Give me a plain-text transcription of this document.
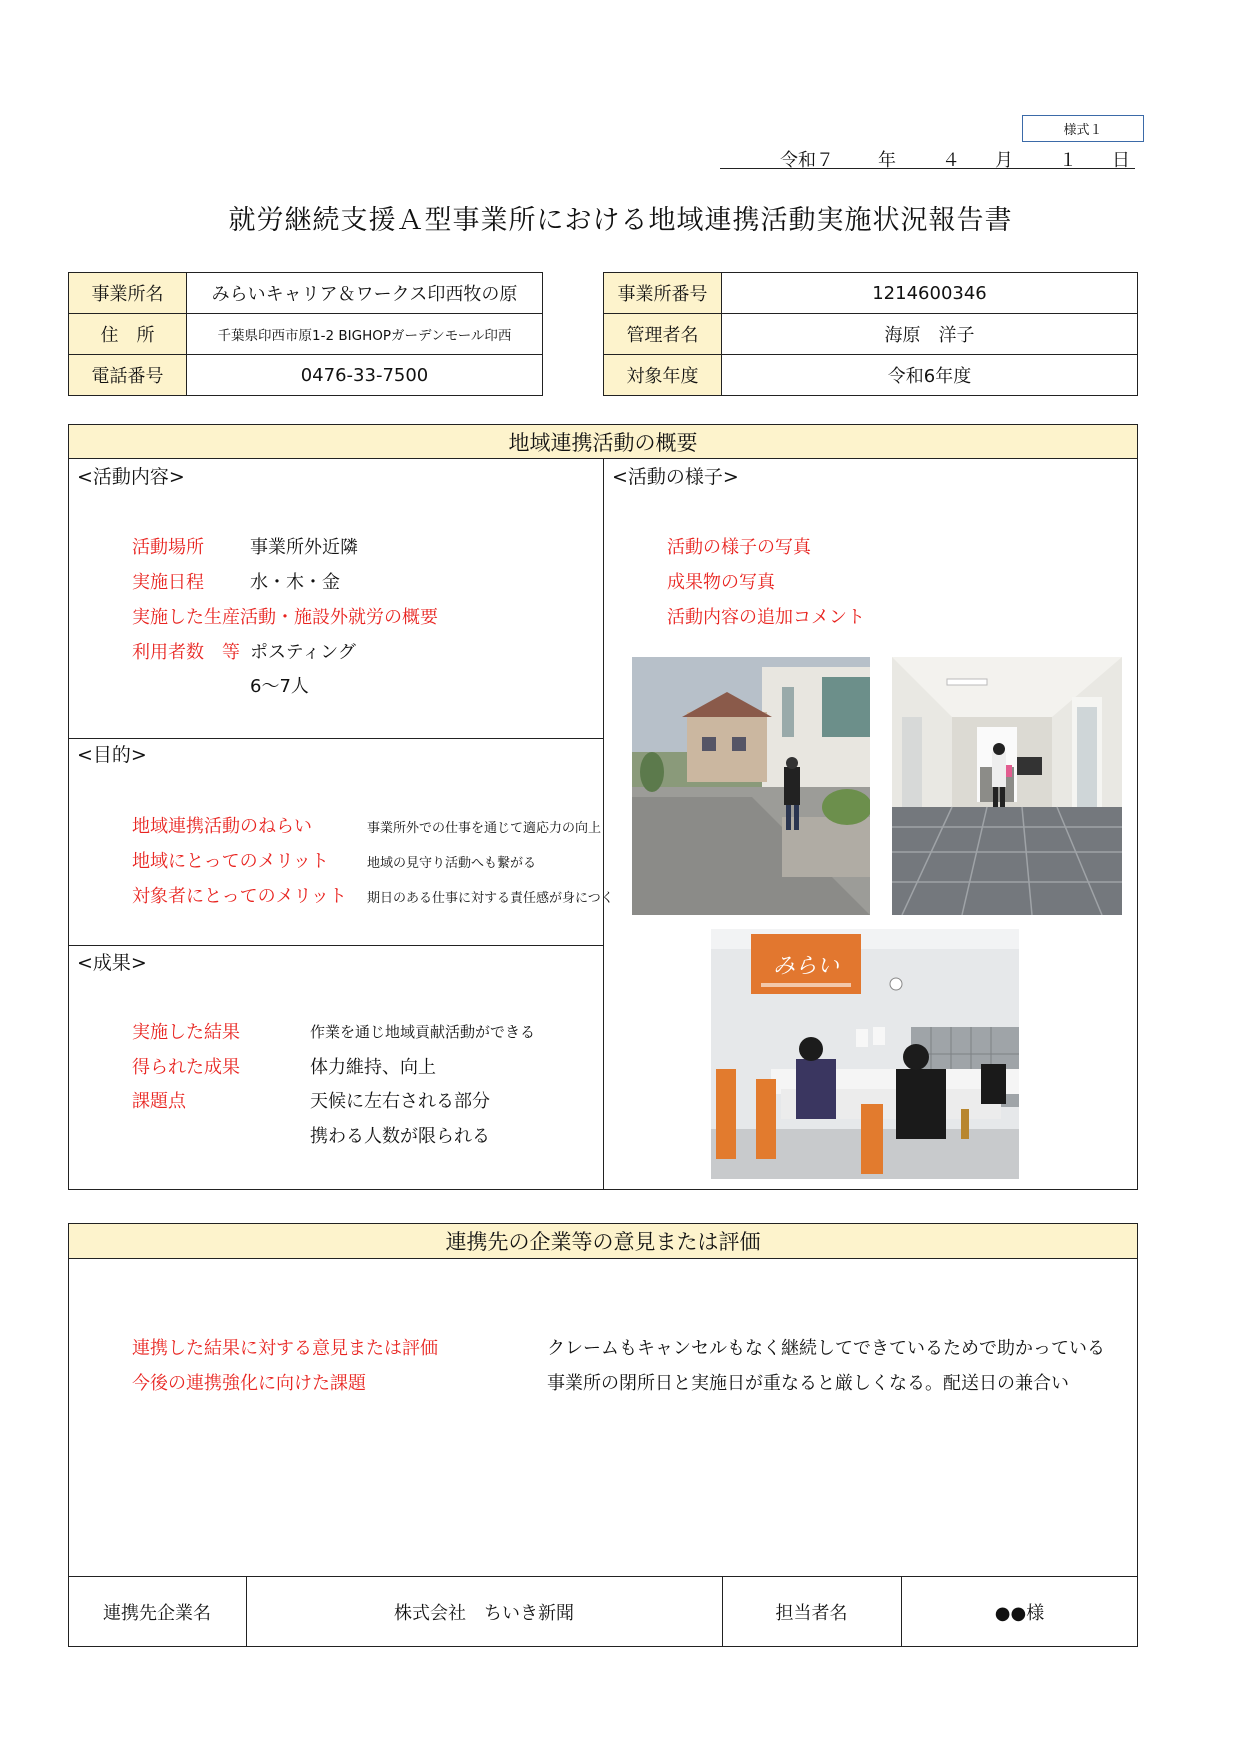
様式１
令和７ 年	４ 月	１ 日
就労継続支援Ａ型事業所における地域連携活動実施状況報告書
事業所名	みらいキャリア＆ワークス印西牧の原
住　所	千葉県印西市原1-2 BIGHOPガーデンモール印西
電話番号	0476-33-7500
事業所番号	1214600346
管理者名	海原　洋子
対象年度	令和6年度
地域連携活動の概要
<活動内容>
活動場所	事業所外近隣
実施日程	水・木・金
実施した生産活動・施設外就労の概要
利用者数　等 ポスティング
6～7人
<目的>
地域連携活動のねらい	事業所外での仕事を通じて適応力の向上
地域にとってのメリット	地域の見守り活動へも繋がる
対象者にとってのメリット 期日のある仕事に対する責任感が身につく
<成果>
実施した結果	作業を通じ地域貢献活動ができる
得られた成果	体力維持、向上
課題点	天候に左右される部分
携わる人数が限られる
<活動の様子>
活動の様子の写真
成果物の写真
活動内容の追加コメント
みらい
連携先の企業等の意見または評価
連携した結果に対する意見または評価	クレームもキャンセルもなく継続してできているためで助かっている
今後の連携強化に向けた課題	事業所の閉所日と実施日が重なると厳しくなる。配送日の兼合い
連携先企業名	株式会社　ちいき新聞	担当者名	●●様
